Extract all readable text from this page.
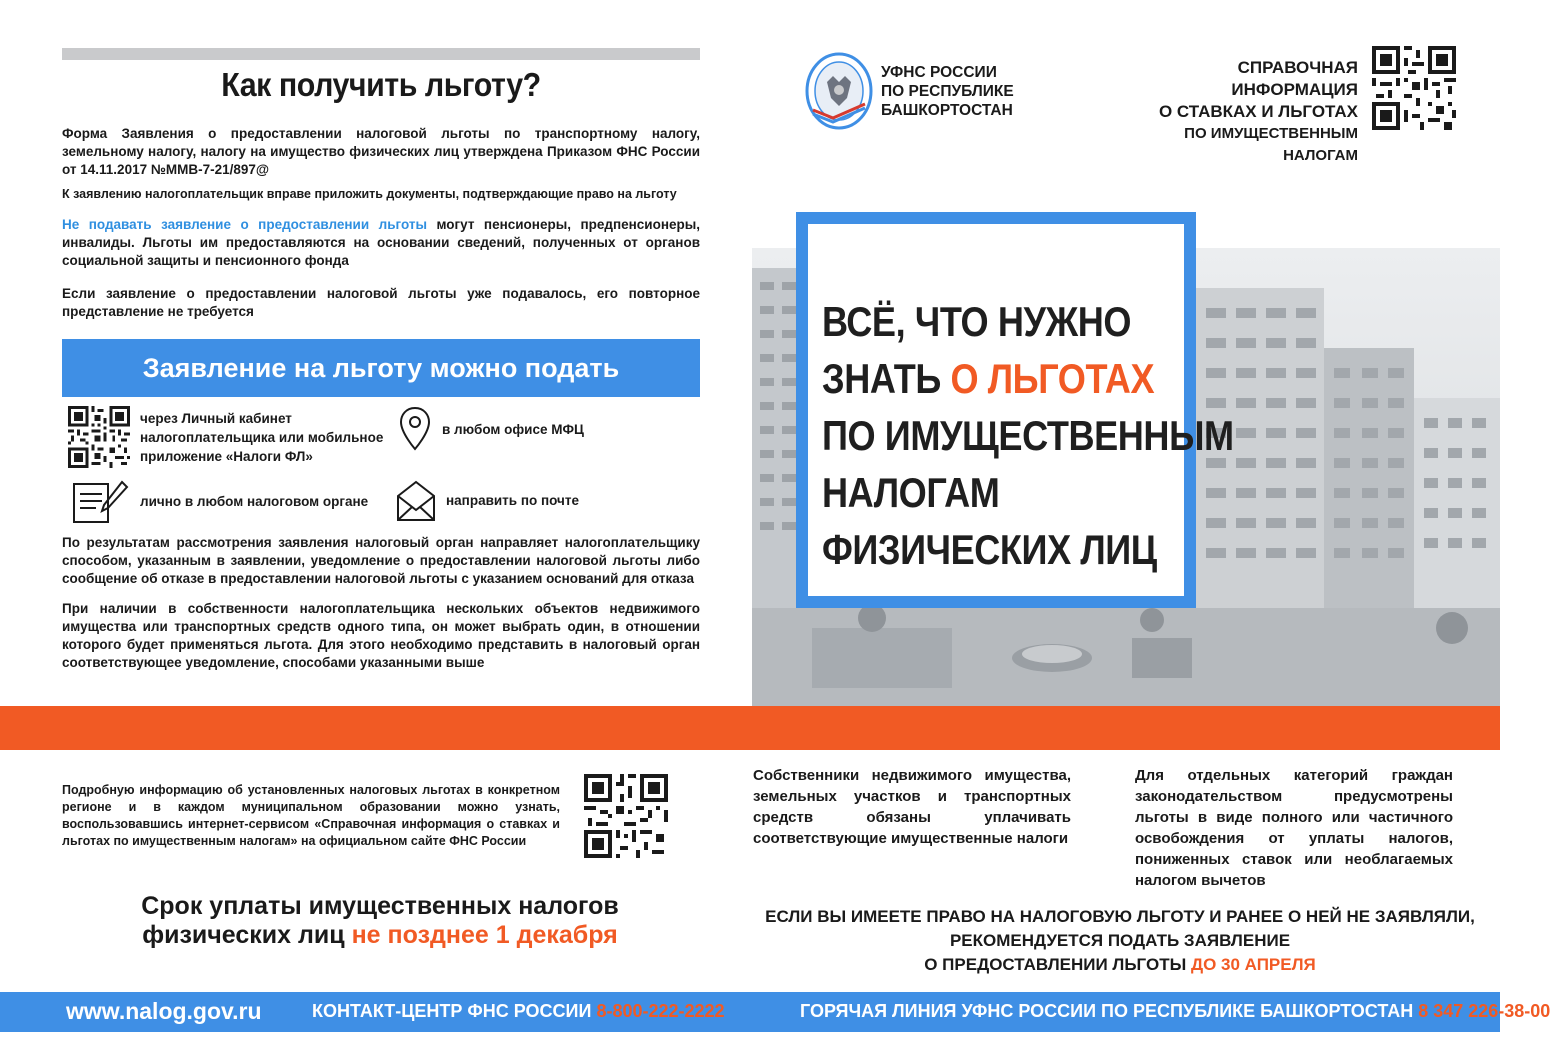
Как получить льготу?
Форма Заявления о предоставлении налоговой льготы по транспортному налогу, земельному налогу, налогу на имущество физических лиц утверждена Приказом ФНС России от 14.11.2017 №ММВ-7-21/897@
К заявлению налогоплательщик вправе приложить документы, подтверждающие право на льготу
Не подавать заявление о предоставлении льготы могут пенсионеры, предпенсионеры, инвалиды. Льготы им предоставляются на основании сведений, полученных от органов социальной защиты и пенсионного фонда
Если заявление о предоставлении налоговой льготы уже подавалось, его повторное представление не требуется
Заявление на льготу можно подать
через Личный кабинет
налогоплательщика или мобильное
приложение «Налоги ФЛ»
в любом офисе МФЦ
лично в любом налоговом органе	направить по почте
По результатам рассмотрения заявления налоговый орган направляет налогоплательщику способом, указанным в заявлении, уведомление о предоставлении налоговой льготы либо сообщение об отказе в предоставлении налоговой льготы с указанием оснований для отказа
При наличии в собственности налогоплательщика нескольких объектов недвижимого имущества или транспортных средств одного типа, он может выбрать один, в отношении которого будет применяться льгота. Для этого необходимо представить в налоговый орган соответствующее уведомление, способами указанными выше
УФНС РОССИИ
ПО РЕСПУБЛИКЕ
БАШКОРТОСТАН
СПРАВОЧНАЯ ИНФОРМАЦИЯ
О СТАВКАХ И ЛЬГОТАХ
ПО ИМУЩЕСТВЕННЫМ НАЛОГАМ
ВСЁ, ЧТО НУЖНО
ЗНАТЬ О ЛЬГОТАХ
ПО ИМУЩЕСТВЕННЫМ
НАЛОГАМ
ФИЗИЧЕСКИХ ЛИЦ
Подробную информацию об установленных налоговых льготах в конкретном регионе и в каждом муниципальном образовании можно узнать, воспользовавшись интернет-сервисом «Справочная информация о ставках и льготах по имущественным налогам» на официальном сайте ФНС России
Срок уплаты имущественных налогов
физических лиц не позднее 1 декабря
Собственники недвижимого имущества, земельных участков и транспортных средств обязаны уплачивать соответствующие имущественные налоги
Для отдельных категорий граждан законодательством предусмотрены льготы в виде полного или частичного освобождения от уплаты налогов, пониженных ставок или необлагаемых налогом вычетов
ЕСЛИ ВЫ ИМЕЕТЕ ПРАВО НА НАЛОГОВУЮ ЛЬГОТУ И РАНЕЕ О НЕЙ НЕ ЗАЯВЛЯЛИ,
РЕКОМЕНДУЕТСЯ ПОДАТЬ ЗАЯВЛЕНИЕ
О ПРЕДОСТАВЛЕНИИ ЛЬГОТЫ ДО 30 АПРЕЛЯ
www.nalog.gov.ru	КОНТАКТ-ЦЕНТР ФНС РОССИИ 8-800-222-2222	ГОРЯЧАЯ ЛИНИЯ УФНС РОССИИ ПО РЕСПУБЛИКЕ БАШКОРТОСТАН 8 347 226-38-00
